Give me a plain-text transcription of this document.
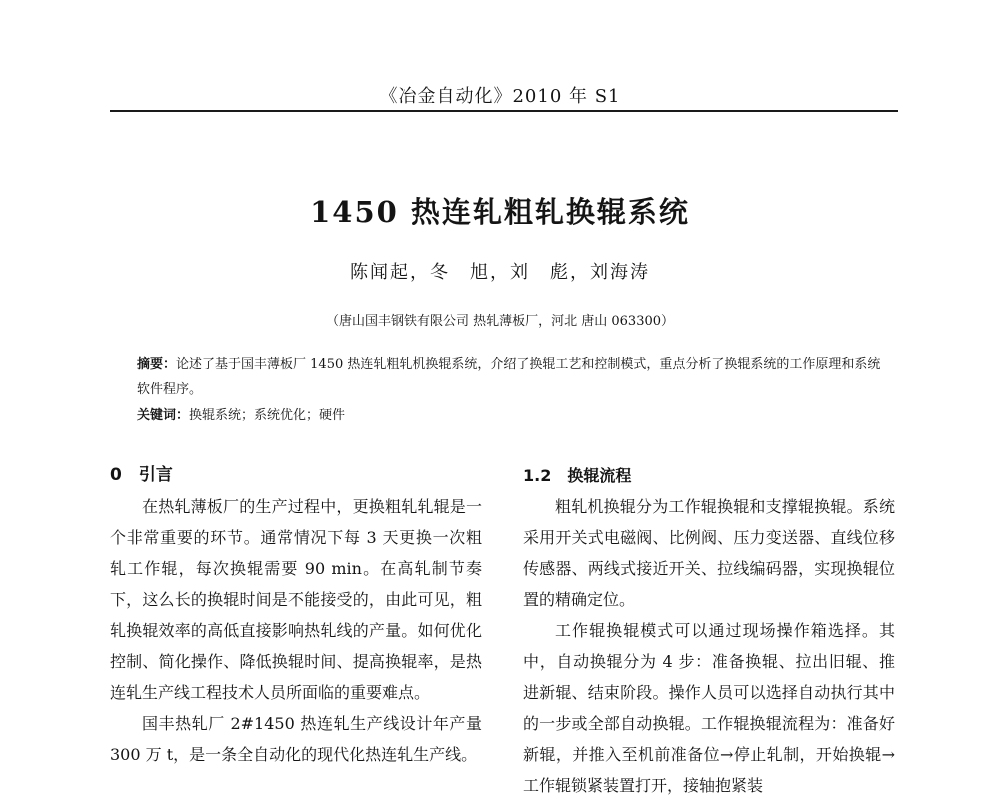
《冶金自动化》2010 年 S1
1450 热连轧粗轧换辊系统
陈闻起，冬　旭，刘　彪，刘海涛
（唐山国丰钢铁有限公司 热轧薄板厂，河北 唐山 063300）
摘要：论述了基于国丰薄板厂 1450 热连轧粗轧机换辊系统，介绍了换辊工艺和控制模式，重点分析了换辊系统的工作原理和系统软件程序。
关键词：换辊系统；系统优化；硬件
0　引言

在热轧薄板厂的生产过程中，更换粗轧轧辊是一个非常重要的环节。通常情况下每 3 天更换一次粗轧工作辊，每次换辊需要 90 min。在高轧制节奏下，这么长的换辊时间是不能接受的，由此可见，粗轧换辊效率的高低直接影响热轧线的产量。如何优化控制、简化操作、降低换辊时间、提高换辊率，是热连轧生产线工程技术人员所面临的重要难点。

国丰热轧厂 2#1450 热连轧生产线设计年产量 300 万 t，是一条全自动化的现代化热连轧生产线。

1.2　换辊流程

粗轧机换辊分为工作辊换辊和支撑辊换辊。系统采用开关式电磁阀、比例阀、压力变送器、直线位移传感器、两线式接近开关、拉线编码器，实现换辊位置的精确定位。

工作辊换辊模式可以通过现场操作箱选择。其中，自动换辊分为 4 步：准备换辊、拉出旧辊、推进新辊、结束阶段。操作人员可以选择自动执行其中的一步或全部自动换辊。工作辊换辊流程为：准备好新辊，并推入至机前准备位→停止轧制，开始换辊→工作辊锁紧装置打开，接轴抱紧装
